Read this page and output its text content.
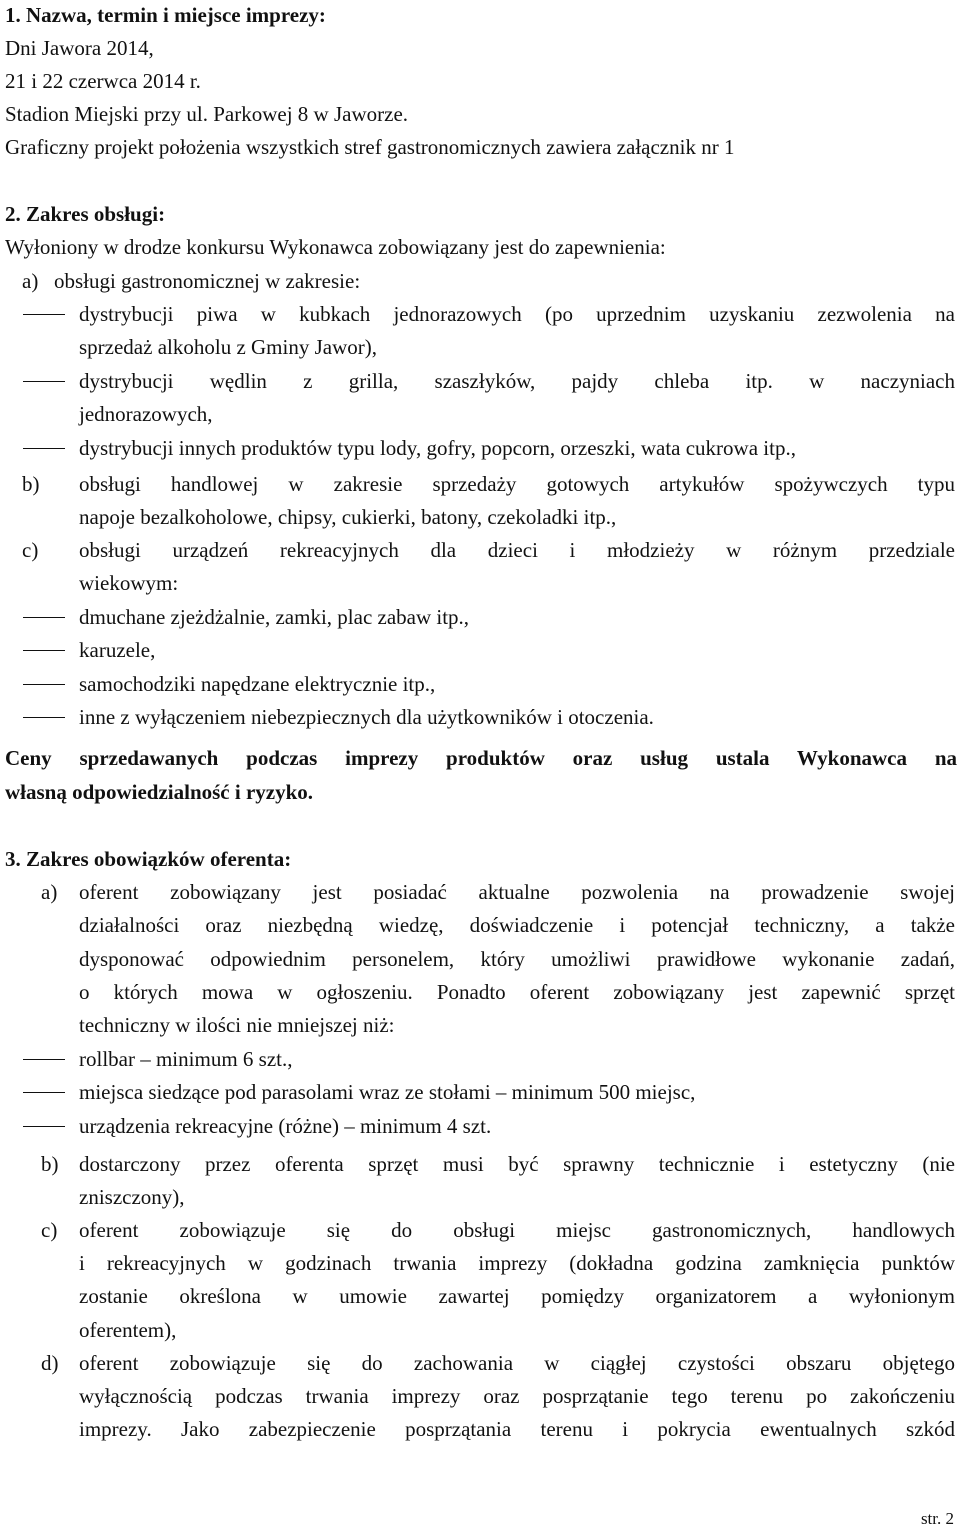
1. Nazwa, termin i miejsce imprezy:
Dni Jawora 2014,
21 i 22 czerwca 2014 r.
Stadion Miejski przy ul. Parkowej 8 w Jaworze.
Graficzny projekt położenia wszystkich stref gastronomicznych zawiera załącznik nr 1
2. Zakres obsługi:
Wyłoniony w drodze konkursu Wykonawca zobowiązany jest do zapewnienia:
a) obsługi gastronomicznej w zakresie:
dystrybucji piwa w kubkach jednorazowych (po uprzednim uzyskaniu zezwolenia na
sprzedaż alkoholu z Gminy Jawor),
dystrybucji wędlin z grilla, szaszłyków, pajdy chleba itp. w naczyniach
jednorazowych,
dystrybucji innych produktów typu lody, gofry, popcorn, orzeszki, wata cukrowa itp.,
b) obsługi handlowej w zakresie sprzedaży gotowych artykułów spożywczych typu
napoje bezalkoholowe, chipsy, cukierki, batony, czekoladki itp.,
c) obsługi urządzeń rekreacyjnych dla dzieci i młodzieży w różnym przedziale
wiekowym:
dmuchane zjeżdżalnie, zamki, plac zabaw itp.,
karuzele,
samochodziki napędzane elektrycznie itp.,
inne z wyłączeniem niebezpiecznych dla użytkowników i otoczenia.
Ceny sprzedawanych podczas imprezy produktów oraz usług ustala Wykonawca na
własną odpowiedzialność i ryzyko.
3. Zakres obowiązków oferenta:
a) oferent zobowiązany jest posiadać aktualne pozwolenia na prowadzenie swojej
działalności oraz niezbędną wiedzę, doświadczenie i potencjał techniczny, a także
dysponować odpowiednim personelem, który umożliwi prawidłowe wykonanie zadań,
o których mowa w ogłoszeniu. Ponadto oferent zobowiązany jest zapewnić sprzęt
techniczny w ilości nie mniejszej niż:
rollbar – minimum 6 szt.,
miejsca siedzące pod parasolami wraz ze stołami – minimum 500 miejsc,
urządzenia rekreacyjne (różne) – minimum 4 szt.
b) dostarczony przez oferenta sprzęt musi być sprawny technicznie i estetyczny (nie
zniszczony),
c) oferent zobowiązuje się do obsługi miejsc gastronomicznych, handlowych
i rekreacyjnych w godzinach trwania imprezy (dokładna godzina zamknięcia punktów
zostanie określona w umowie zawartej pomiędzy organizatorem a wyłonionym
oferentem),
d) oferent zobowiązuje się do zachowania w ciągłej czystości obszaru objętego
wyłącznością podczas trwania imprezy oraz posprzątanie tego terenu po zakończeniu
imprezy. Jako zabezpieczenie posprzątania terenu i pokrycia ewentualnych szkód
str. 2
